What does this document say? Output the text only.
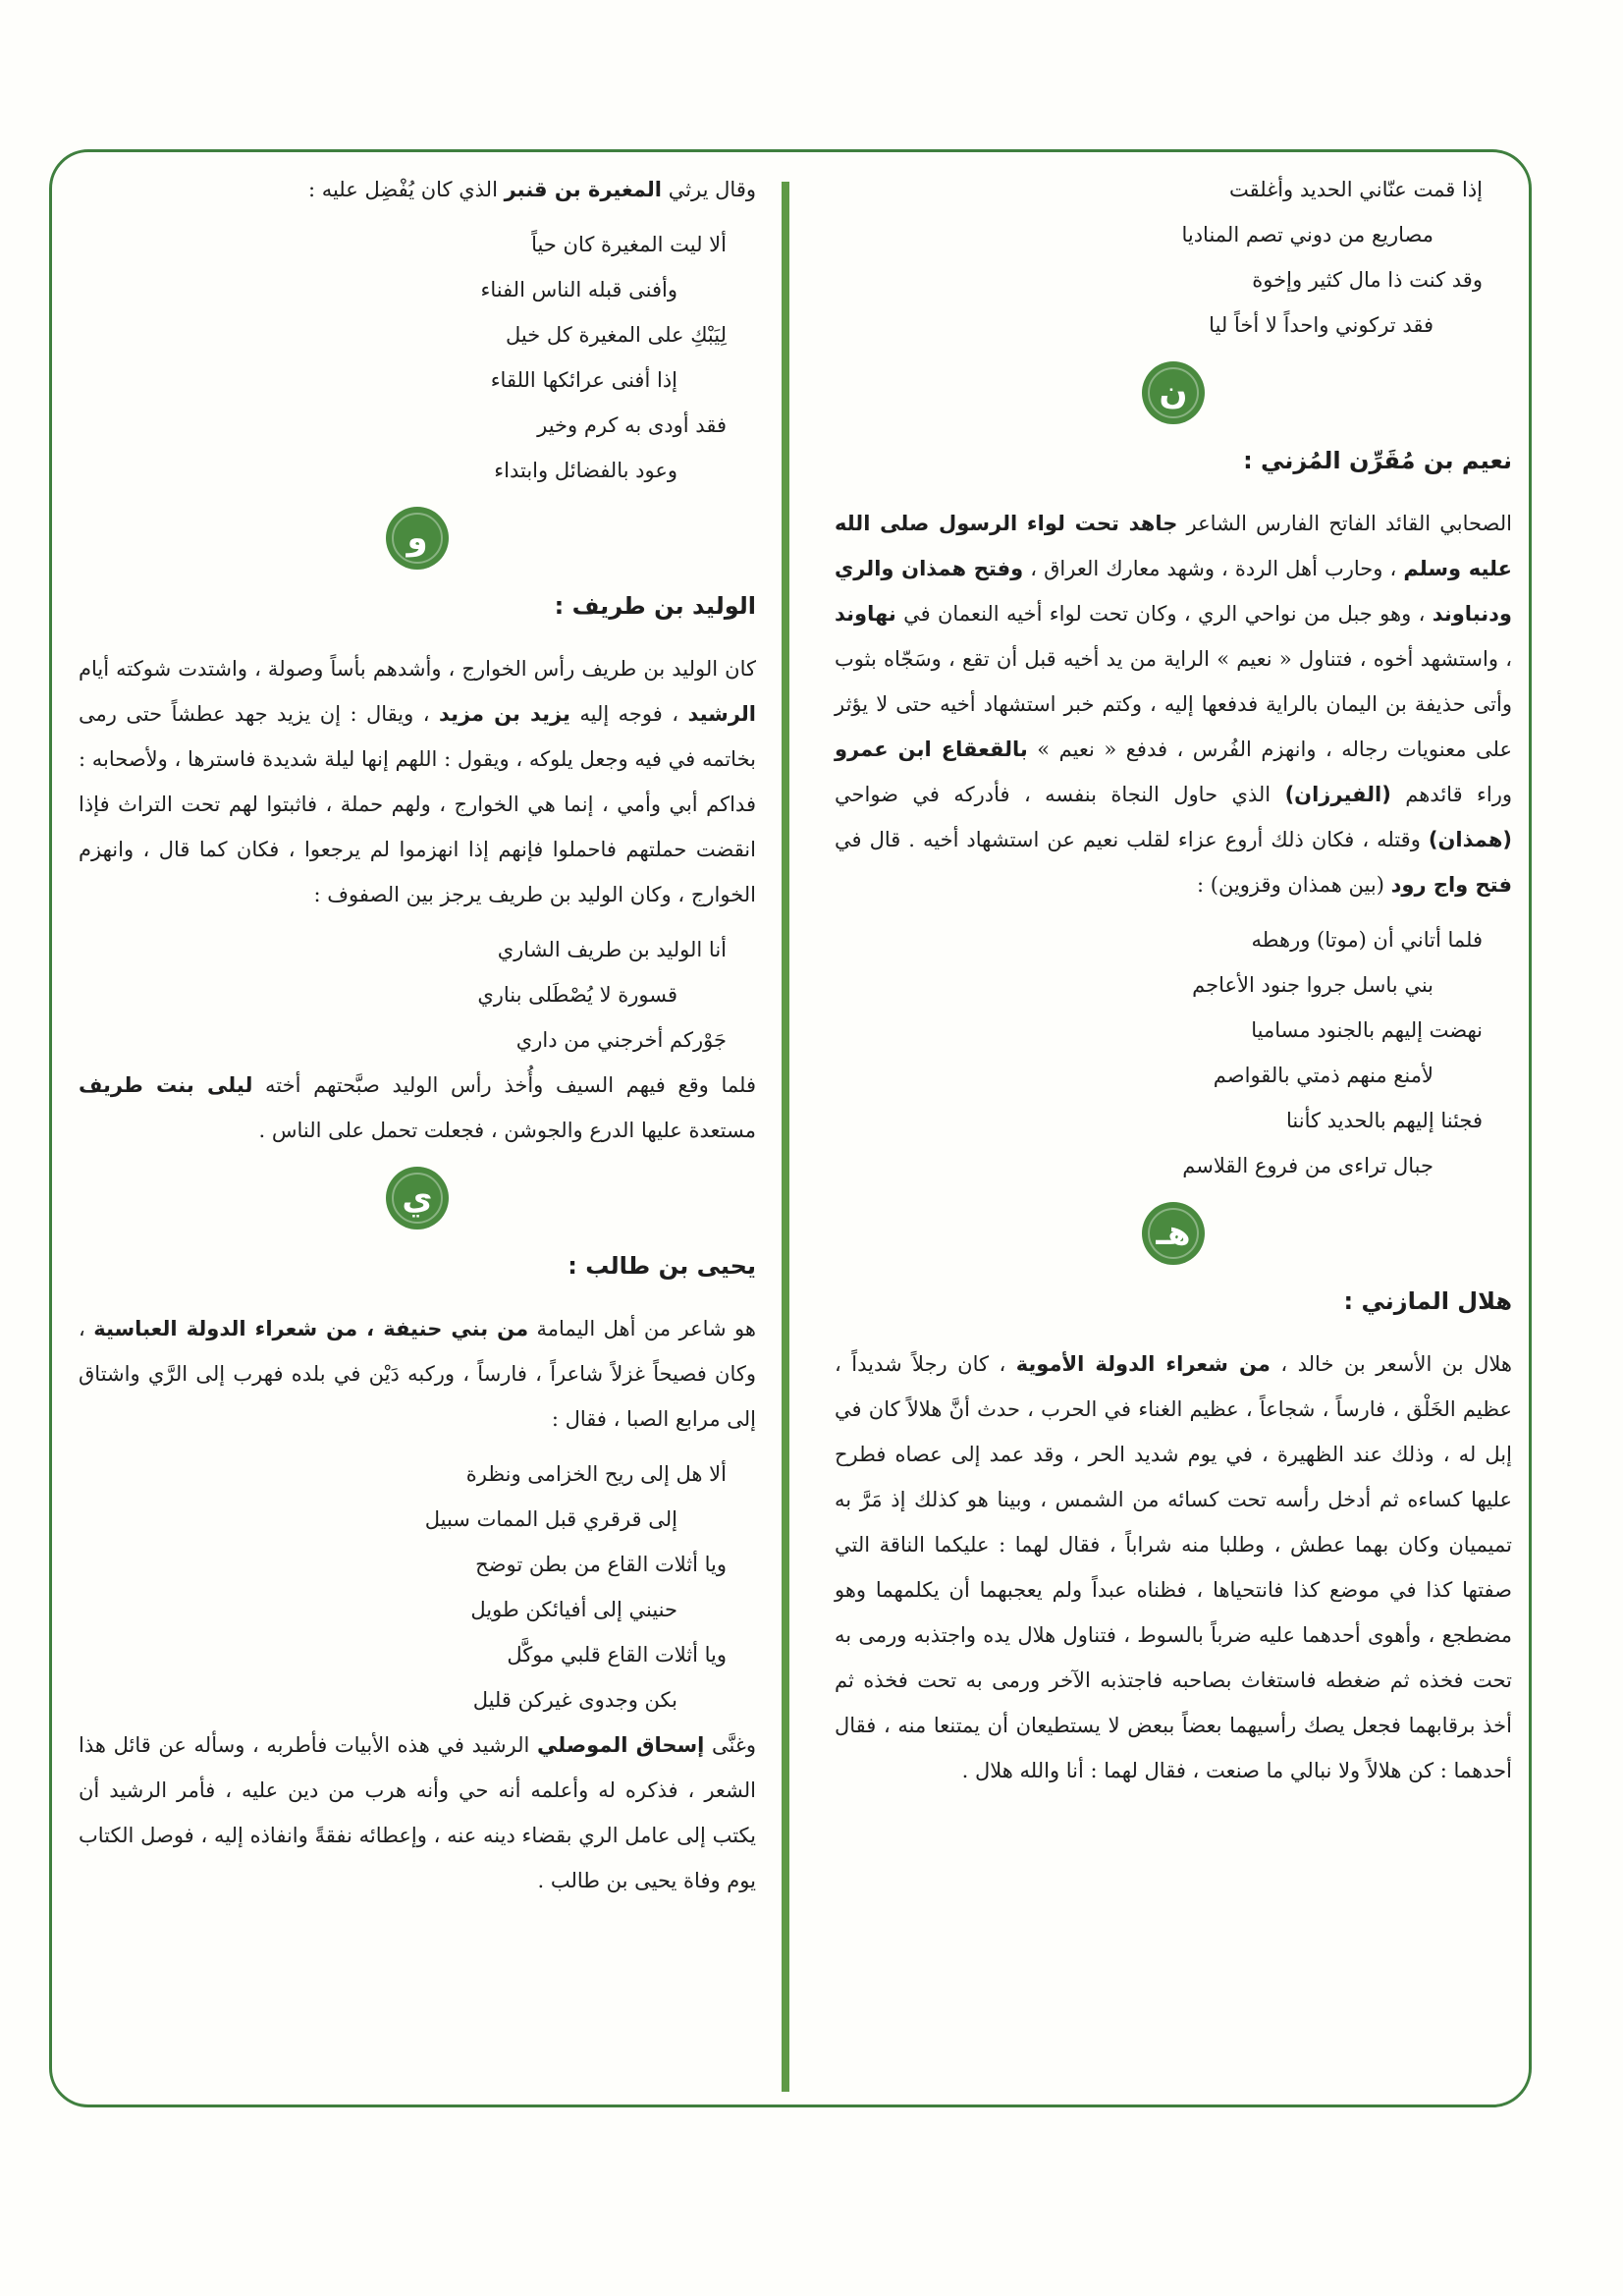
إذا قمت عنّاني الحديد وأغلقت

مصاريع من دوني تصم المناديا

وقد كنت ذا مال كثير وإخوة

فقد تركوني واحداً لا أخاً ليا

ن
نعيم بن مُقَرِّن المُزني :

الصحابي القائد الفاتح الفارس الشاعر جاهد تحت لواء الرسول صلى الله عليه وسلم ، وحارب أهل الردة ، وشهد معارك العراق ، وفتح همذان والري ودنباوند ، وهو جبل من نواحي الري ، وكان تحت لواء أخيه النعمان في نهاوند ، واستشهد أخوه ، فتناول « نعيم » الراية من يد أخيه قبل أن تقع ، وسَجّاه بثوب وأتى حذيفة بن اليمان بالراية فدفعها إليه ، وكتم خبر استشهاد أخيه حتى لا يؤثر على معنويات رجاله ، وانهزم الفُرس ، فدفع « نعيم » بالقعقاع ابن عمرو وراء قائدهم (الفيرزان) الذي حاول النجاة بنفسه ، فأدركه في ضواحي (همذان) وقتله ، فكان ذلك أروع عزاء لقلب نعيم عن استشهاد أخيه . قال في فتح واج رود (بين همذان وقزوين) :

فلما أتاني أن (موتا) ورهطه

بني باسل جروا جنود الأعاجم

نهضت إليهم بالجنود مساميا

لأمنع منهم ذمتي بالقواصم

فجئنا إليهم بالحديد كأننا

جبال تراءى من فروع القلاسم

هـ
هلال المازني :

هلال بن الأسعر بن خالد ، من شعراء الدولة الأموية ، كان رجلاً شديداً ، عظيم الخَلْق ، فارساً ، شجاعاً ، عظيم الغناء في الحرب ، حدث أنَّ هلالاً كان في إبل له ، وذلك عند الظهيرة ، في يوم شديد الحر ، وقد عمد إلى عصاه فطرح عليها كساءه ثم أدخل رأسه تحت كسائه من الشمس ، وبينا هو كذلك إذ مَرَّ به تميميان وكان بهما عطش ، وطلبا منه شراباً ، فقال لهما : عليكما الناقة التي صفتها كذا في موضع كذا فانتحياها ، فظناه عبداً ولم يعجبهما أن يكلمهما وهو مضطجع ، وأهوى أحدهما عليه ضرباً بالسوط ، فتناول هلال يده واجتذبه ورمى به تحت فخذه ثم ضغطه فاستغاث بصاحبه فاجتذبه الآخر ورمى به تحت فخذه ثم أخذ برقابهما فجعل يصك رأسيهما بعضاً ببعض لا يستطيعان أن يمتنعا منه ، فقال أحدهما : كن هلالاً ولا نبالي ما صنعت ، فقال لهما : أنا والله هلال .

وقال يرثي المغيرة بن قنبر الذي كان يُفْضِل عليه :

ألا ليت المغيرة كان حياً

وأفنى قبله الناس الفناء

لِيَبْكِ على المغيرة كل خيل

إذا أفنى عرائكها اللقاء

فقد أودى به كرم وخير

وعود بالفضائل وابتداء

و
الوليد بن طريف :

كان الوليد بن طريف رأس الخوارج ، وأشدهم بأساً وصولة ، واشتدت شوكته أيام الرشيد ، فوجه إليه يزيد بن مزيد ، ويقال : إن يزيد جهد عطشاً حتى رمى بخاتمه في فيه وجعل يلوكه ، ويقول : اللهم إنها ليلة شديدة فاسترها ، ولأصحابه : فداكم أبي وأمي ، إنما هي الخوارج ، ولهم حملة ، فاثبتوا لهم تحت التراث فإذا انقضت حملتهم فاحملوا فإنهم إذا انهزموا لم يرجعوا ، فكان كما قال ، وانهزم الخوارج ، وكان الوليد بن طريف يرجز بين الصفوف :

أنا الوليد بن طريف الشاري

قسورة لا يُصْطَلى بناري

جَوْركم أخرجني من داري

فلما وقع فيهم السيف وأُخذ رأس الوليد صبَّحتهم أخته ليلى بنت طريف مستعدة عليها الدرع والجوشن ، فجعلت تحمل على الناس .

ي
يحيى بن طالب :

هو شاعر من أهل اليمامة من بني حنيفة ، من شعراء الدولة العباسية ، وكان فصيحاً غزلاً شاعراً ، فارساً ، وركبه دَيْن في بلده فهرب إلى الرَّي واشتاق إلى مرابع الصبا ، فقال :

ألا هل إلى ريح الخزامى ونظرة

إلى قرقري قبل الممات سبيل

ويا أثلات القاع من بطن توضح

حنيني إلى أفيائكن طويل

ويا أثلات القاع قلبي موكَّل

بكن وجدوى غيركن قليل

وغنَّى إسحاق الموصلي الرشيد في هذه الأبيات فأطربه ، وسأله عن قائل هذا الشعر ، فذكره له وأعلمه أنه حي وأنه هرب من دين عليه ، فأمر الرشيد أن يكتب إلى عامل الري بقضاء دينه عنه ، وإعطائه نفقةً وانفاذه إليه ، فوصل الكتاب يوم وفاة يحيى بن طالب .
